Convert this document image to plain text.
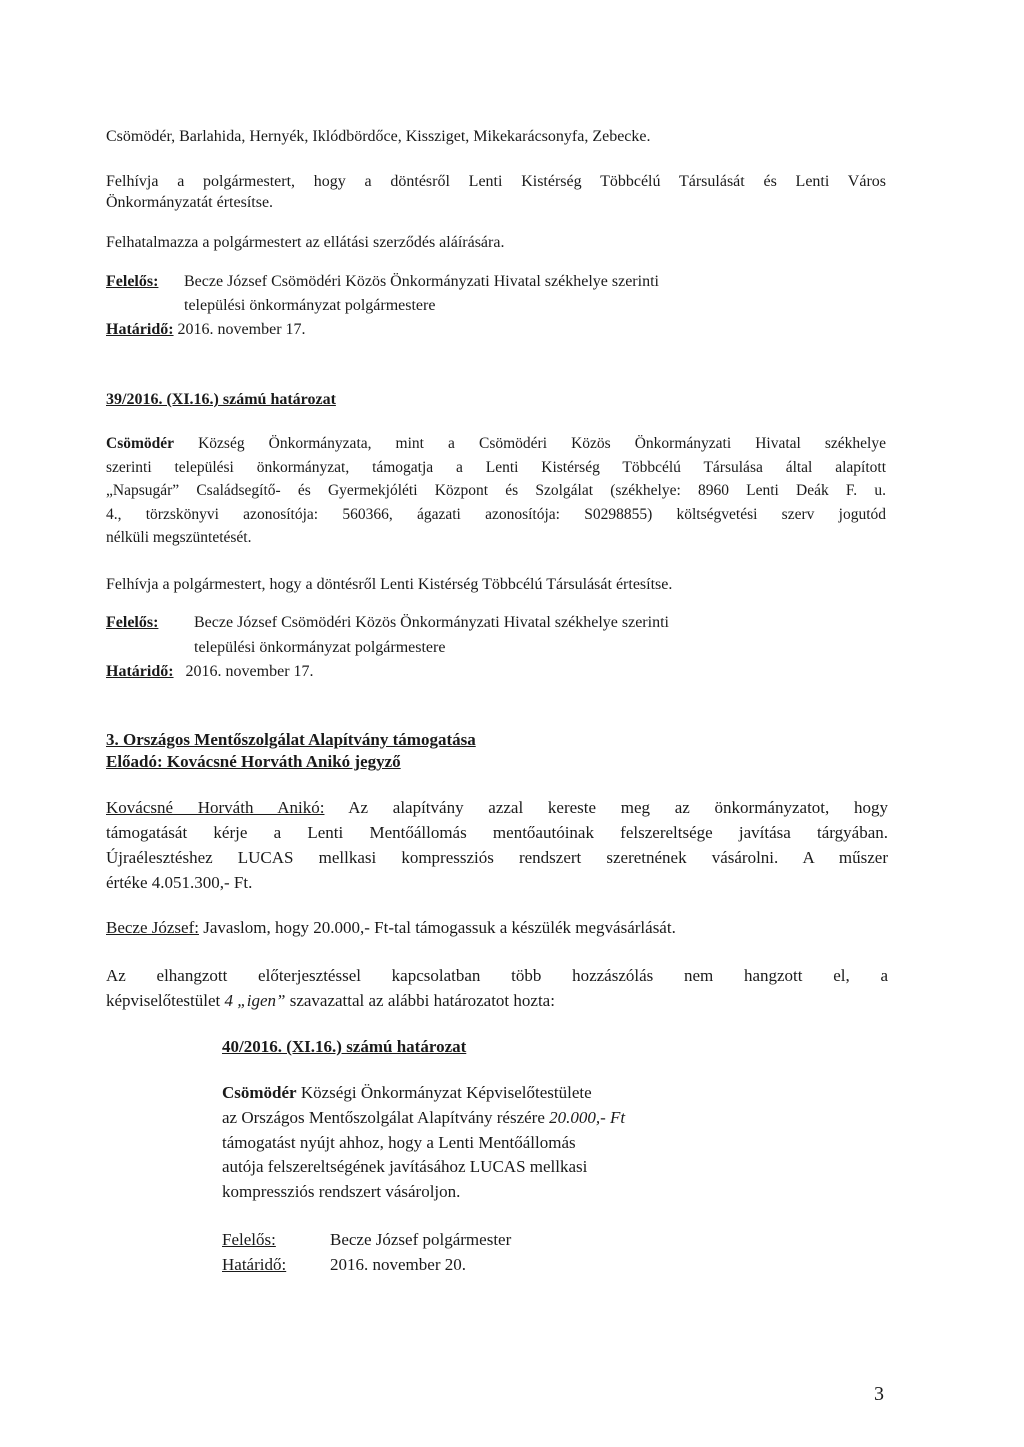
Csömödér, Barlahida, Hernyék, Iklódbördőce, Kissziget, Mikekarácsonyfa, Zebecke.
Felhívja a polgármestert, hogy a döntésről Lenti Kistérség Többcélú Társulását és Lenti Város
Önkormányzatát értesítse.
Felhatalmazza a polgármestert az ellátási szerződés aláírására.
Felelős: Becze József Csömödéri Közös Önkormányzati Hivatal székhelye szerinti
települési önkormányzat polgármestere
Határidő: 2016. november 17.
39/2016. (XI.16.) számú határozat
Csömödér Község Önkormányzata, mint a Csömödéri Közös Önkormányzati Hivatal székhelye
szerinti települési önkormányzat, támogatja a Lenti Kistérség Többcélú Társulása által alapított
„Napsugár” Családsegítő- és Gyermekjóléti Központ és Szolgálat (székhelye: 8960 Lenti Deák F. u.
4., törzskönyvi azonosítója: 560366, ágazati azonosítója: S0298855) költségvetési szerv jogutód
nélküli megszüntetését.
Felhívja a polgármestert, hogy a döntésről Lenti Kistérség Többcélú Társulását értesítse.
Felelős: Becze József Csömödéri Közös Önkormányzati Hivatal székhelye szerinti
települési önkormányzat polgármestere
Határidő: 2016. november 17.
3. Országos Mentőszolgálat Alapítvány támogatása
Előadó: Kovácsné Horváth Anikó jegyző
Kovácsné Horváth Anikó: Az alapítvány azzal kereste meg az önkormányzatot, hogy
támogatását kérje a Lenti Mentőállomás mentőautóinak felszereltsége javítása tárgyában.
Újraélesztéshez LUCAS mellkasi kompressziós rendszert szeretnének vásárolni. A műszer
értéke 4.051.300,- Ft.
Becze József: Javaslom, hogy 20.000,- Ft-tal támogassuk a készülék megvásárlását.
Az elhangzott előterjesztéssel kapcsolatban több hozzászólás nem hangzott el, a
képviselőtestület 4 „igen” szavazattal az alábbi határozatot hozta:
40/2016. (XI.16.) számú határozat
Csömödér Községi Önkormányzat Képviselőtestülete
az Országos Mentőszolgálat Alapítvány részére 20.000,- Ft
támogatást nyújt ahhoz, hogy a Lenti Mentőállomás
autója felszereltségének javításához LUCAS mellkasi
kompressziós rendszert vásároljon.
Felelős:	Becze József polgármester
Határidő:	2016. november 20.
3
